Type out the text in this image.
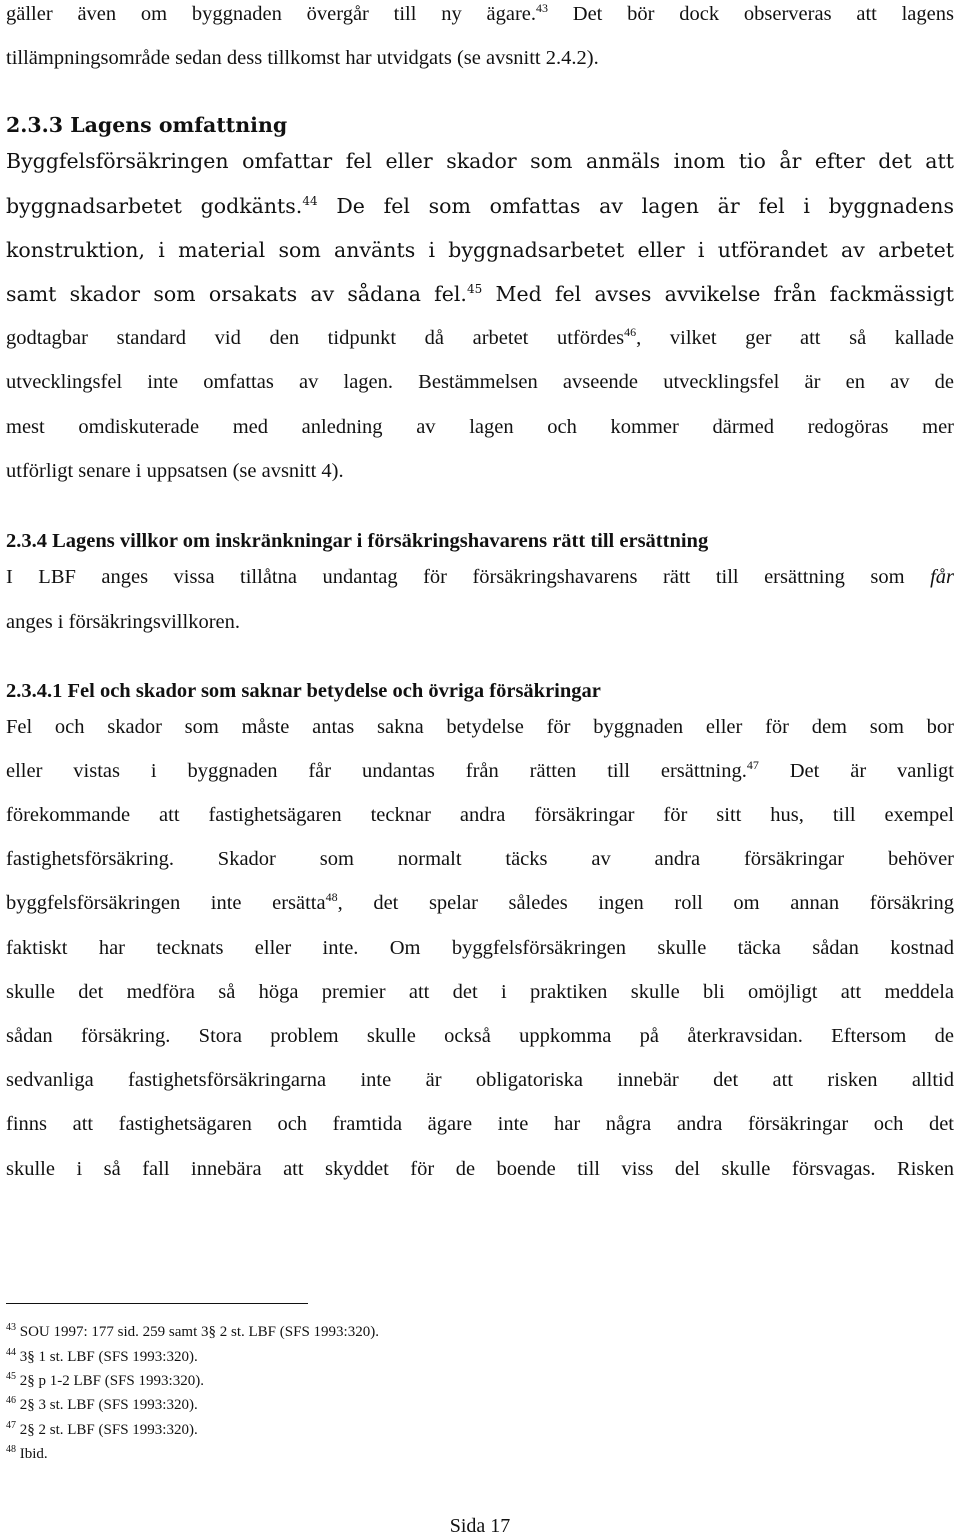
gäller även om byggnaden övergår till ny ägare.$^{43}$ Det bör dock observeras att lagens
tillämpningsområde sedan dess tillkomst har utvidgats (se avsnitt 2.4.2).
2.3.3 Lagens omfattning
Byggfelsförsäkringen omfattar fel eller skador som anmäls inom tio år efter det att
byggnadsarbetet godkänts.$^{44}$ De fel som omfattas av lagen är fel i byggnadens
konstruktion, i material som använts i byggnadsarbetet eller i utförandet av arbetet
samt skador som orsakats av sådana fel.$^{45}$ Med fel avses avvikelse från fackmässigt
godtagbar standard vid den tidpunkt då arbetet utfördes$^{46}$, vilket ger att så kallade
utvecklingsfel inte omfattas av lagen. Bestämmelsen avseende utvecklingsfel är en av de
mest omdiskuterade med anledning av lagen och kommer därmed redogöras mer
utförligt senare i uppsatsen (se avsnitt 4).
2.3.4 Lagens villkor om inskränkningar i försäkringshavarens rätt till ersättning
I LBF anges vissa tillåtna undantag för försäkringshavarens rätt till ersättning som får
anges i försäkringsvillkoren.
2.3.4.1 Fel och skador som saknar betydelse och övriga försäkringar
Fel och skador som måste antas sakna betydelse för byggnaden eller för dem som bor
eller vistas i byggnaden får undantas från rätten till ersättning.$^{47}$ Det är vanligt
förekommande att fastighetsägaren tecknar andra försäkringar för sitt hus, till exempel
fastighetsförsäkring. Skador som normalt täcks av andra försäkringar behöver
byggfelsförsäkringen inte ersätta$^{48}$, det spelar således ingen roll om annan försäkring
faktiskt har tecknats eller inte. Om byggfelsförsäkringen skulle täcka sådan kostnad
skulle det medföra så höga premier att det i praktiken skulle bli omöjligt att meddela
sådan försäkring. Stora problem skulle också uppkomma på återkravsidan. Eftersom de
sedvanliga fastighetsförsäkringarna inte är obligatoriska innebär det att risken alltid
finns att fastighetsägaren och framtida ägare inte har några andra försäkringar och det
skulle i så fall innebära att skyddet för de boende till viss del skulle försvagas. Risken
$^{43}$ SOU 1997: 177 sid. 259 samt 3§ 2 st. LBF (SFS 1993:320).
$^{44}$ 3§ 1 st. LBF (SFS 1993:320).
$^{45}$ 2§ p 1-2 LBF (SFS 1993:320).
$^{46}$ 2§ 3 st. LBF (SFS 1993:320).
$^{47}$ 2§ 2 st. LBF (SFS 1993:320).
$^{48}$ Ibid.
Sida 17
